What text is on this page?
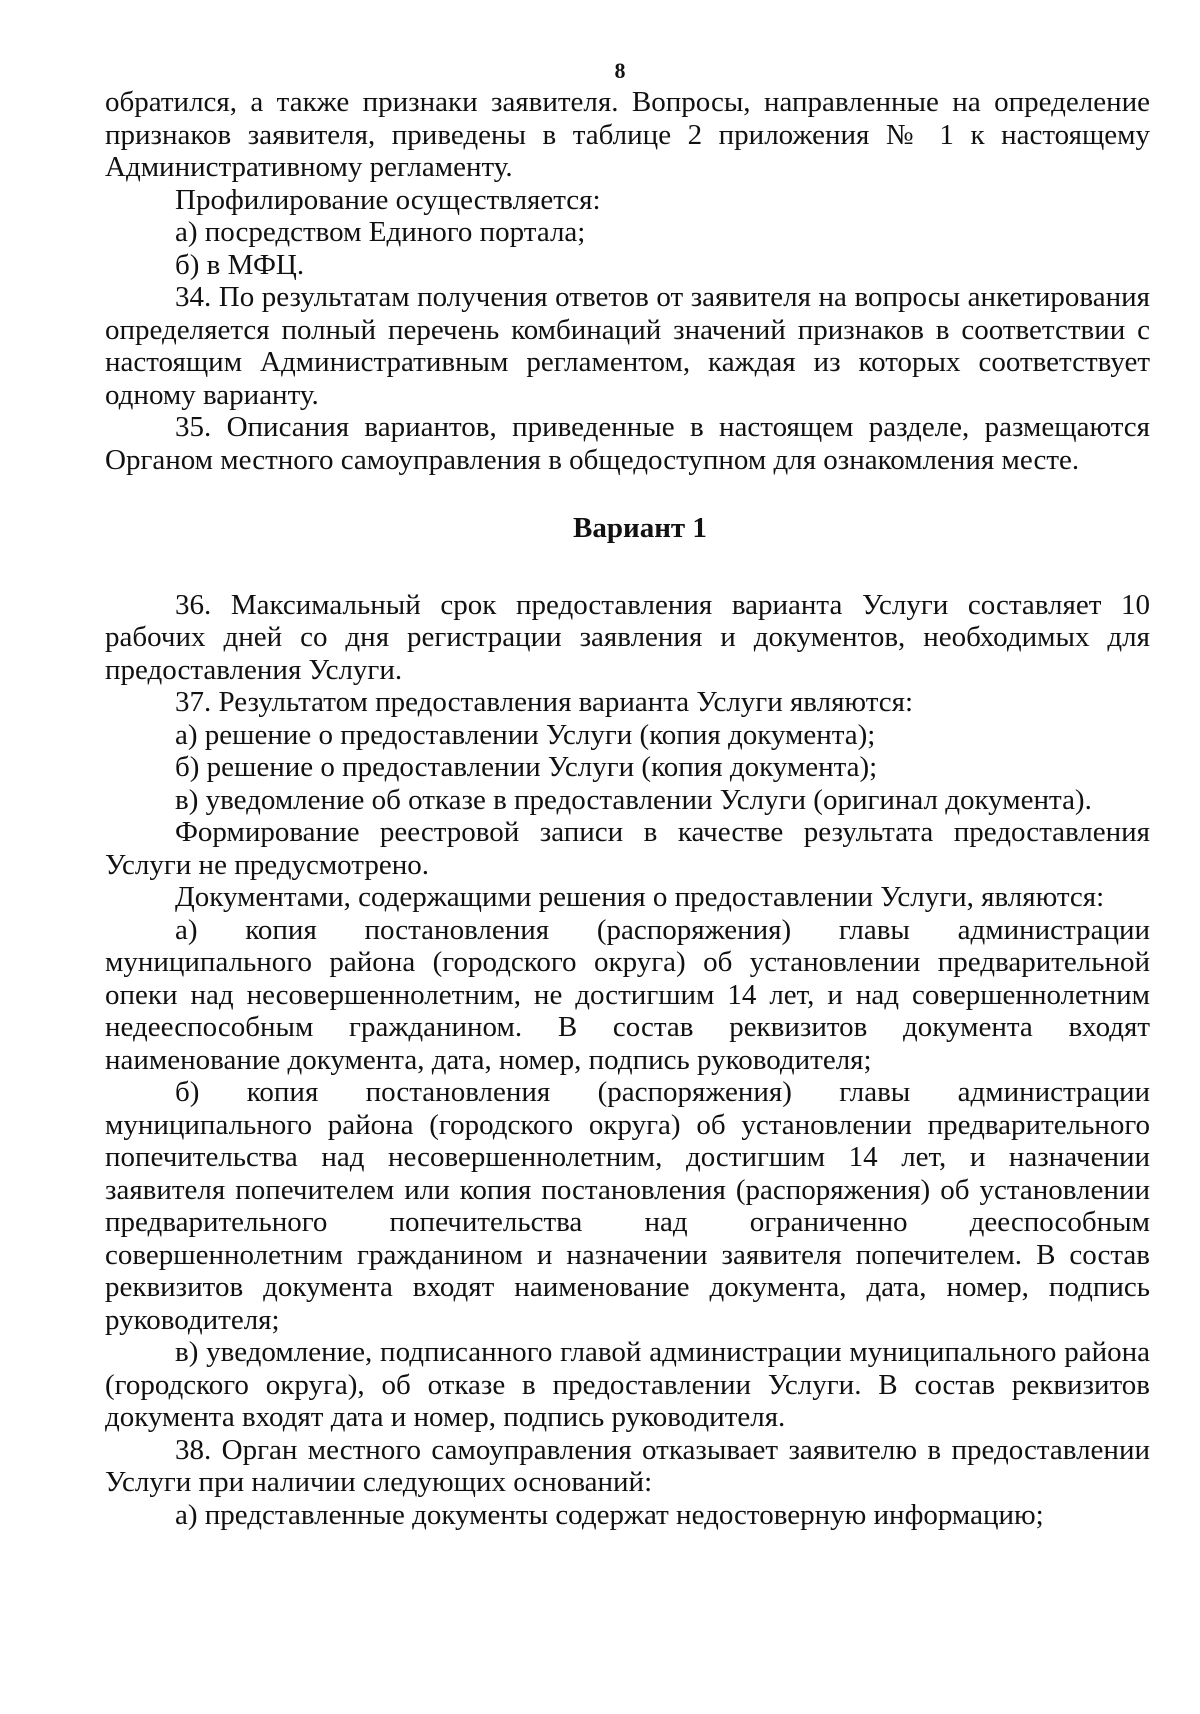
8

обратился, а также признаки заявителя. Вопросы, направленные на определение признаков заявителя, приведены в таблице 2 приложения № 1 к настоящему Административному регламенту.

Профилирование осуществляется:

а) посредством Единого портала;

б) в МФЦ.

34. По результатам получения ответов от заявителя на вопросы анкетирования определяется полный перечень комбинаций значений признаков в соответствии с настоящим Административным регламентом, каждая из которых соответствует одному варианту.

35. Описания вариантов, приведенные в настоящем разделе, размещаются Органом местного самоуправления в общедоступном для ознакомления месте.

Вариант 1

36. Максимальный срок предоставления варианта Услуги составляет 10 рабочих дней со дня регистрации заявления и документов, необходимых для предоставления Услуги.

37. Результатом предоставления варианта Услуги являются:

а) решение о предоставлении Услуги (копия документа);

б) решение о предоставлении Услуги (копия документа);

в) уведомление об отказе в предоставлении Услуги (оригинал документа).

Формирование реестровой записи в качестве результата предоставления Услуги не предусмотрено.

Документами, содержащими решения о предоставлении Услуги, являются:

а) копия постановления (распоряжения) главы администрации муниципального района (городского округа) об установлении предварительной опеки над несовершеннолетним, не достигшим 14 лет, и над совершеннолетним недееспособным гражданином. В состав реквизитов документа входят наименование документа, дата, номер, подпись руководителя;

б) копия постановления (распоряжения) главы администрации муниципального района (городского округа) об установлении предварительного попечительства над несовершеннолетним, достигшим 14 лет, и назначении заявителя попечителем или копия постановления (распоряжения) об установлении предварительного попечительства над ограниченно дееспособным совершеннолетним гражданином и назначении заявителя попечителем. В состав реквизитов документа входят наименование документа, дата, номер, подпись руководителя;

в) уведомление, подписанного главой администрации муниципального района (городского округа), об отказе в предоставлении Услуги. В состав реквизитов документа входят дата и номер, подпись руководителя.

38. Орган местного самоуправления отказывает заявителю в предоставлении Услуги при наличии следующих оснований:

а) представленные документы содержат недостоверную информацию;
